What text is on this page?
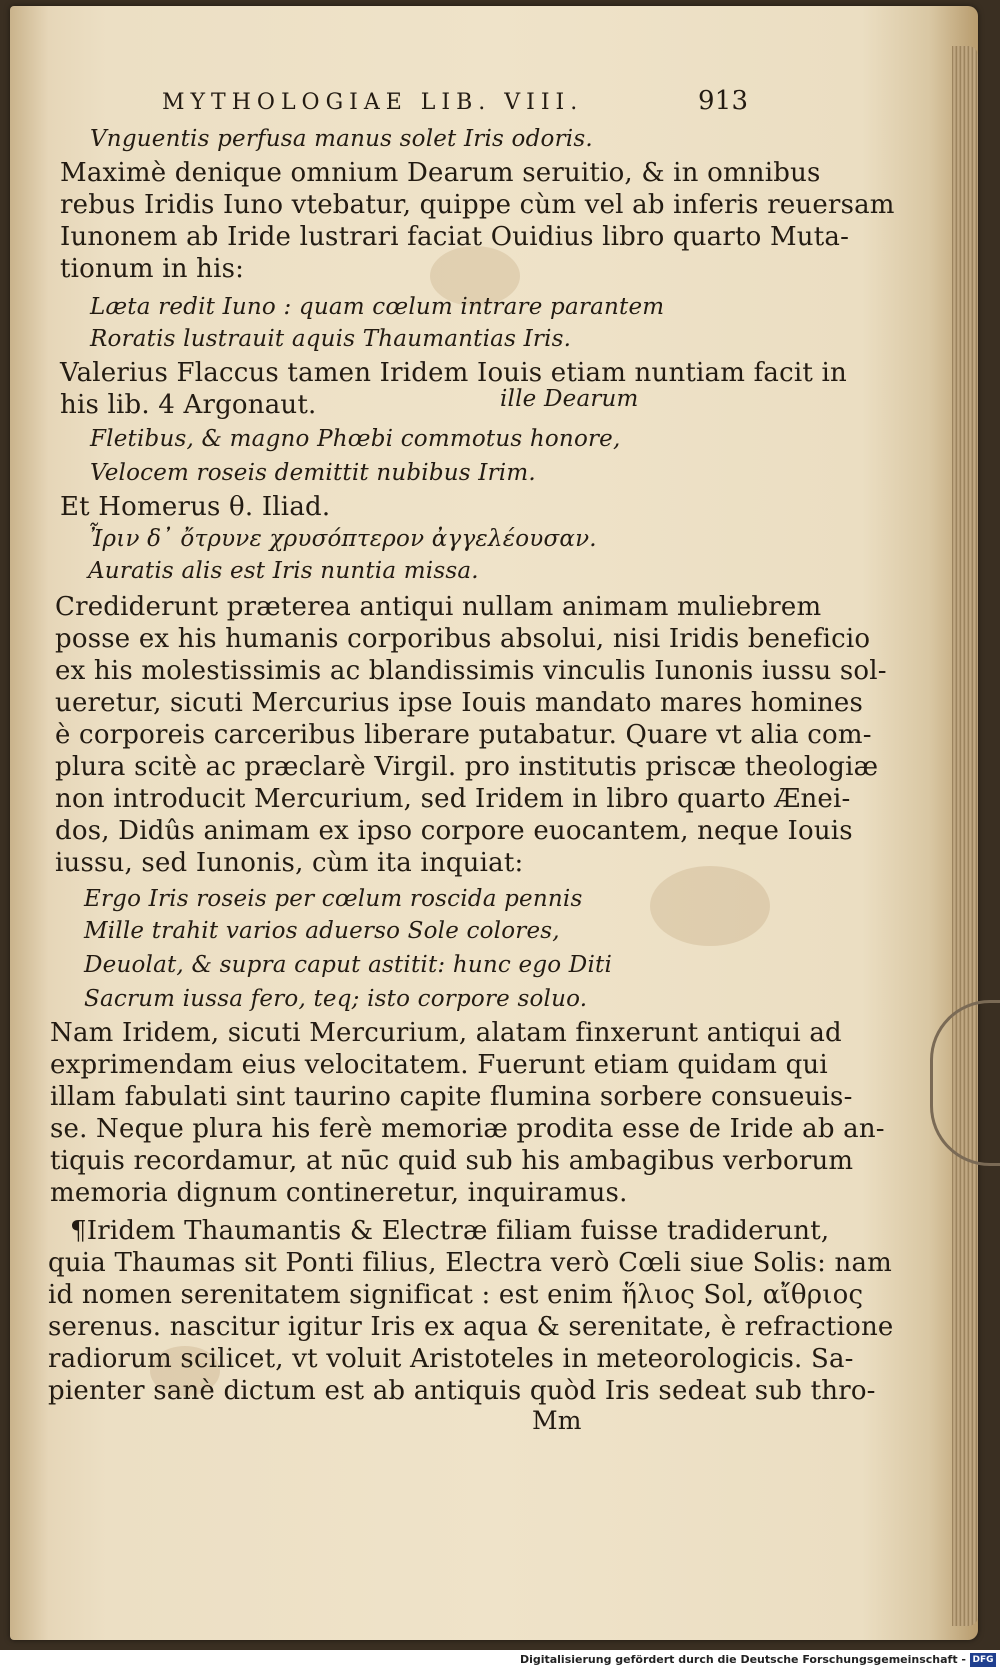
MYTHOLOGIAE LIB. VIII.	913
Vnguentis perfusa manus solet Iris odoris.
Maximè denique omnium Dearum seruitio, & in omnibus
rebus Iridis Iuno vtebatur, quippe cùm vel ab inferis reuersam
Iunonem ab Iride lustrari faciat Ouidius libro quarto Muta-
tionum in his:
Læta redit Iuno : quam cœlum intrare parantem
Roratis lustrauit aquis Thaumantias Iris.
Valerius Flaccus tamen Iridem Iouis etiam nuntiam facit in
his lib. 4 Argonaut.	ille Dearum
Fletibus, & magno Phœbi commotus honore,
Velocem roseis demittit nubibus Irim.
Et Homerus θ. Iliad.
Ἶριν δ᾽ ὄτρυνε χρυσόπτερον ἀγγελέουσαν.
Auratis alis est Iris nuntia missa.
Crediderunt præterea antiqui nullam animam muliebrem
posse ex his humanis corporibus absolui, nisi Iridis beneficio
ex his molestissimis ac blandissimis vinculis Iunonis iussu sol-
ueretur, sicuti Mercurius ipse Iouis mandato mares homines
è corporeis carceribus liberare putabatur. Quare vt alia com-
plura scitè ac præclarè Virgil. pro institutis priscæ theologiæ
non introducit Mercurium, sed Iridem in libro quarto Ænei-
dos, Didûs animam ex ipso corpore euocantem, neque Iouis
iussu, sed Iunonis, cùm ita inquiat:
Ergo Iris roseis per cœlum roscida pennis
Mille trahit varios aduerso Sole colores,
Deuolat, & supra caput astitit: hunc ego Diti
Sacrum iussa fero, teq; isto corpore soluo.
Nam Iridem, sicuti Mercurium, alatam finxerunt antiqui ad
exprimendam eius velocitatem. Fuerunt etiam quidam qui
illam fabulati sint taurino capite flumina sorbere consueuis-
se. Neque plura his ferè memoriæ prodita esse de Iride ab an-
tiquis recordamur, at nūc quid sub his ambagibus verborum
memoria dignum contineretur, inquiramus.
¶Iridem Thaumantis & Electræ filiam fuisse tradiderunt,
quia Thaumas sit Ponti filius, Electra verò Cœli siue Solis: nam
id nomen serenitatem significat : est enim ἥλιος Sol, αἴθριος
serenus. nascitur igitur Iris ex aqua & serenitate, è refractione
radiorum scilicet, vt voluit Aristoteles in meteorologicis. Sa-
pienter sanè dictum est ab antiquis quòd Iris sedeat sub thro-
Mm
Digitalisierung gefördert durch die Deutsche Forschungsgemeinschaft - DFG
